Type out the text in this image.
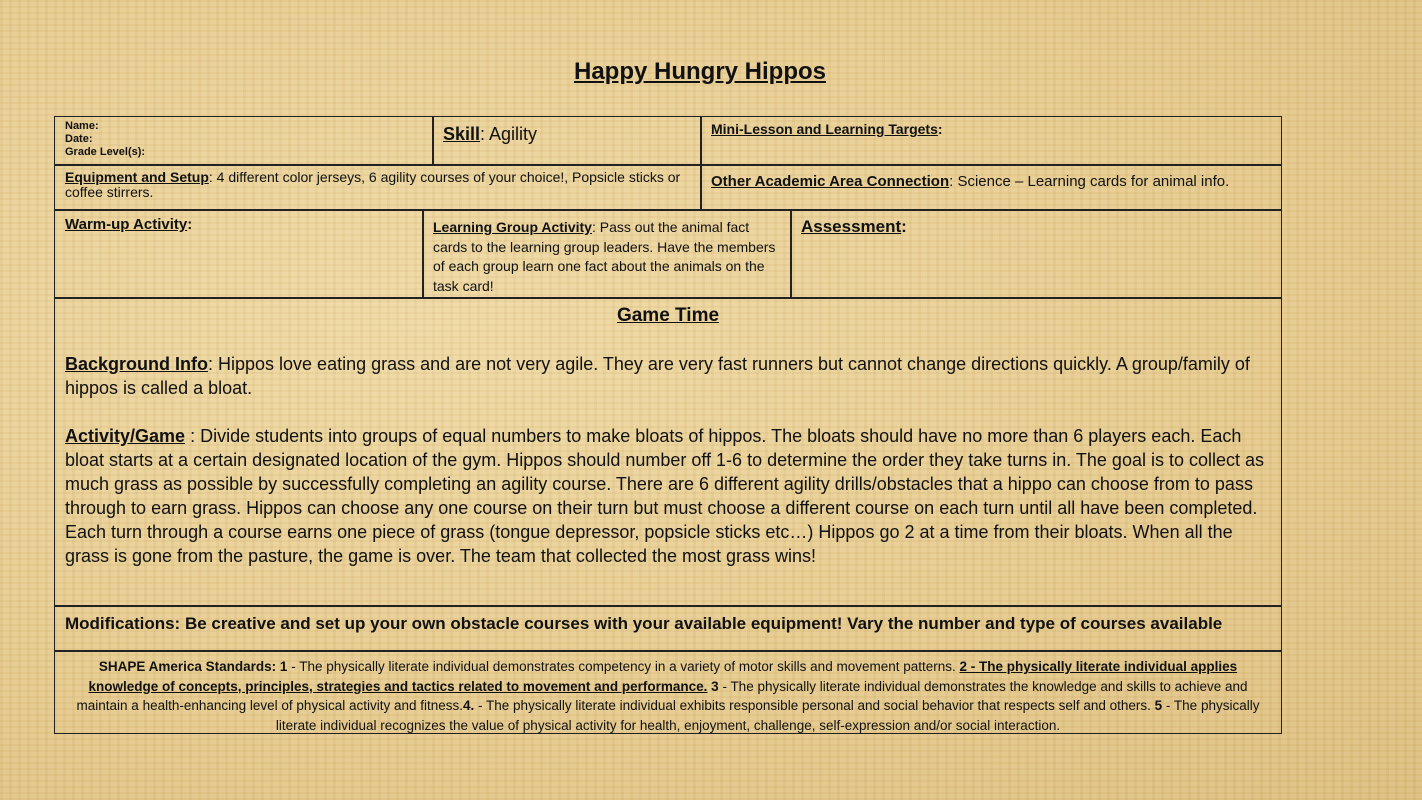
Happy Hungry Hippos
Name:
Date:
Grade Level(s):
Skill: Agility	Mini-Lesson and Learning Targets:
Equipment and Setup: 4 different color jerseys, 6 agility courses of your choice!, Popsicle sticks or coffee stirrers.
Other Academic Area Connection: Science – Learning cards for animal info.
Warm-up Activity:	Learning Group Activity: Pass out the animal fact cards to the learning group leaders. Have the members of each group learn one fact about the animals on the task card!
Assessment:
Game Time
Background Info: Hippos love eating grass and are not very agile. They are very fast runners but cannot change directions quickly. A group/family of hippos is called a bloat.
Activity/Game : Divide students into groups of equal numbers to make bloats of hippos. The bloats should have no more than 6 players each. Each bloat starts at a certain designated location of the gym. Hippos should number off 1-6 to determine the order they take turns in. The goal is to collect as much grass as possible by successfully completing an agility course. There are 6 different agility drills/obstacles that a hippo can choose from to pass through to earn grass. Hippos can choose any one course on their turn but must choose a different course on each turn until all have been completed. Each turn through a course earns one piece of grass (tongue depressor, popsicle sticks etc…) Hippos go 2 at a time from their bloats. When all the grass is gone from the pasture, the game is over. The team that collected the most grass wins!
Modifications: Be creative and set up your own obstacle courses with your available equipment! Vary the number and type of courses available
SHAPE America Standards: 1 - The physically literate individual demonstrates competency in a variety of motor skills and movement patterns. 2 - The physically literate individual applies knowledge of concepts, principles, strategies and tactics related to movement and performance. 3 - The physically literate individual demonstrates the knowledge and skills to achieve and maintain a health-enhancing level of physical activity and fitness.4. - The physically literate individual exhibits responsible personal and social behavior that respects self and others. 5 - The physically literate individual recognizes the value of physical activity for health, enjoyment, challenge, self-expression and/or social interaction.
